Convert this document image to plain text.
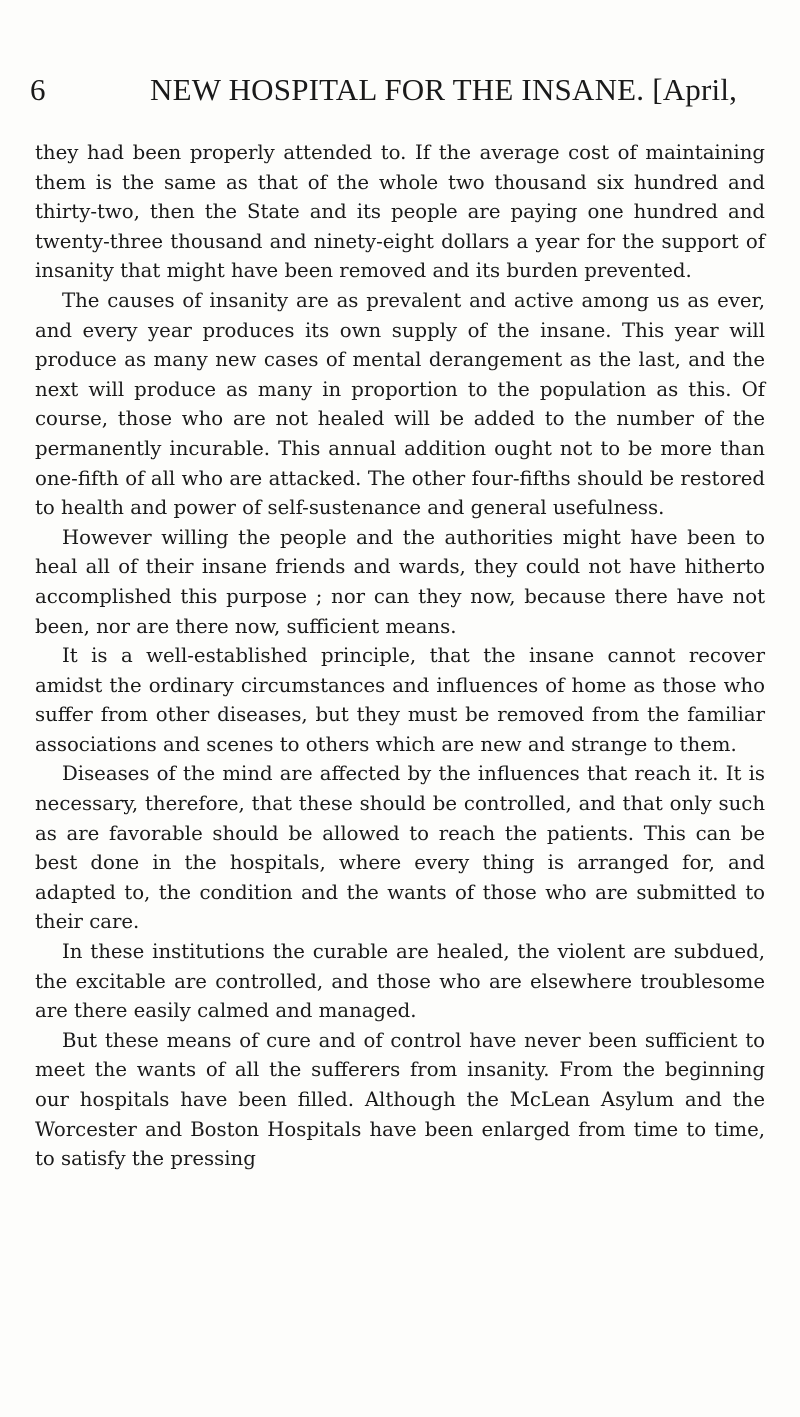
6	NEW HOSPITAL FOR THE INSANE. [April,

they had been properly attended to. If the average cost of maintaining them is the same as that of the whole two thousand six hundred and thirty-two, then the State and its people are paying one hundred and twenty-three thousand and ninety-eight dollars a year for the support of insanity that might have been removed and its burden prevented.

The causes of insanity are as prevalent and active among us as ever, and every year produces its own supply of the insane. This year will produce as many new cases of mental derangement as the last, and the next will produce as many in proportion to the population as this. Of course, those who are not healed will be added to the number of the permanently incurable. This annual addition ought not to be more than one-fifth of all who are attacked. The other four-fifths should be restored to health and power of self-sustenance and general usefulness.

However willing the people and the authorities might have been to heal all of their insane friends and wards, they could not have hitherto accomplished this purpose ; nor can they now, because there have not been, nor are there now, sufficient means.

It is a well-established principle, that the insane cannot recover amidst the ordinary circumstances and influences of home as those who suffer from other diseases, but they must be removed from the familiar associations and scenes to others which are new and strange to them.

Diseases of the mind are affected by the influences that reach it. It is necessary, therefore, that these should be controlled, and that only such as are favorable should be allowed to reach the patients. This can be best done in the hospitals, where every thing is arranged for, and adapted to, the condition and the wants of those who are submitted to their care.

In these institutions the curable are healed, the violent are subdued, the excitable are controlled, and those who are elsewhere troublesome are there easily calmed and managed.

But these means of cure and of control have never been sufficient to meet the wants of all the sufferers from insanity. From the beginning our hospitals have been filled. Although the McLean Asylum and the Worcester and Boston Hospitals have been enlarged from time to time, to satisfy the pressing
